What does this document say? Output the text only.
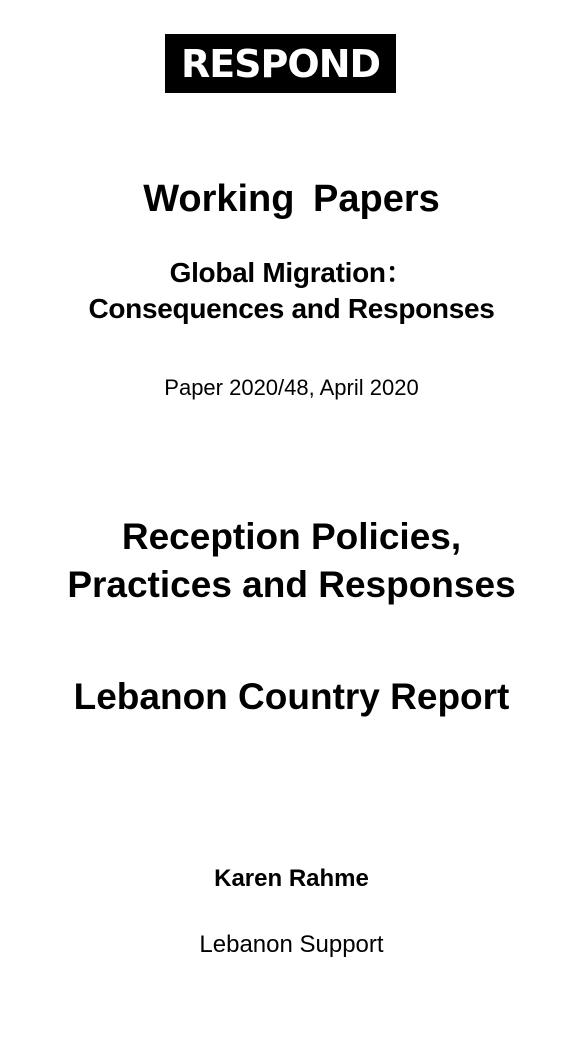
RESPOND
Working Papers
Global Migration：
Consequences and Responses
Paper 2020/48, April 2020
Reception Policies,
Practices and Responses
Lebanon Country Report
Karen Rahme
Lebanon Support
